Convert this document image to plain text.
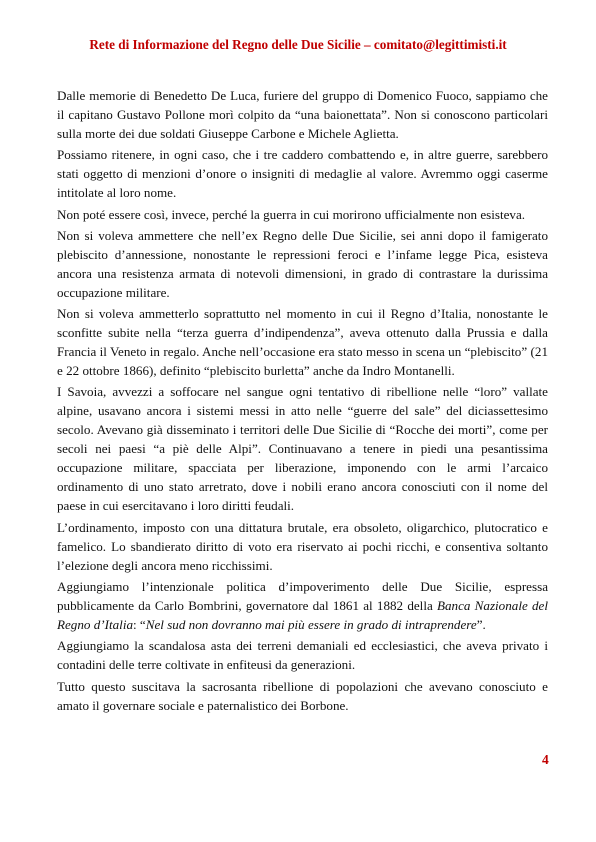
Rete di Informazione del Regno delle Due Sicilie – comitato@legittimisti.it

Dalle memorie di Benedetto De Luca, furiere del gruppo di Domenico Fuoco, sappiamo che il capitano Gustavo Pollone morì colpito da “una baionettata”. Non si conoscono particolari sulla morte dei due soldati Giuseppe Carbone e Michele Aglietta.

Possiamo ritenere, in ogni caso, che i tre caddero combattendo e, in altre guerre, sarebbero stati oggetto di menzioni d’onore o insigniti di medaglie al valore. Avremmo oggi caserme intitolate al loro nome.

Non poté essere così, invece, perché la guerra in cui morirono ufficialmente non esisteva.

Non si voleva ammettere che nell’ex Regno delle Due Sicilie, sei anni dopo il famigerato plebiscito d’annessione, nonostante le repressioni feroci e l’infame legge Pica, esisteva ancora una resistenza armata di notevoli dimensioni, in grado di contrastare la durissima occupazione militare.

Non si voleva ammetterlo soprattutto nel momento in cui il Regno d’Italia, nonostante le sconfitte subite nella “terza guerra d’indipendenza”, aveva ottenuto dalla Prussia e dalla Francia il Veneto in regalo. Anche nell’occasione era stato messo in scena un “plebiscito” (21 e 22 ottobre 1866), definito “plebiscito burletta” anche da Indro Montanelli.

I Savoia, avvezzi a soffocare nel sangue ogni tentativo di ribellione nelle “loro” vallate alpine, usavano ancora i sistemi messi in atto nelle “guerre del sale” del diciassettesimo secolo. Avevano già disseminato i territori delle Due Sicilie di “Rocche dei morti”, come per secoli nei paesi “a piè delle Alpi”. Continuavano a tenere in piedi una pesantissima occupazione militare, spacciata per liberazione, imponendo con le armi l’arcaico ordinamento di uno stato arretrato, dove i nobili erano ancora conosciuti con il nome del paese in cui esercitavano i loro diritti feudali.

L’ordinamento, imposto con una dittatura brutale, era obsoleto, oligarchico, plutocratico e famelico. Lo sbandierato diritto di voto era riservato ai pochi ricchi, e consentiva soltanto l’elezione degli ancora meno ricchissimi.

Aggiungiamo l’intenzionale politica d’impoverimento delle Due Sicilie, espressa pubblicamente da Carlo Bombrini, governatore dal 1861 al 1882 della Banca Nazionale del Regno d’Italia: “Nel sud non dovranno mai più essere in grado di intraprendere”.

Aggiungiamo la scandalosa asta dei terreni demaniali ed ecclesiastici, che aveva privato i contadini delle terre coltivate in enfiteusi da generazioni.

Tutto questo suscitava la sacrosanta ribellione di popolazioni che avevano conosciuto e amato il governare sociale e paternalistico dei Borbone.

4
